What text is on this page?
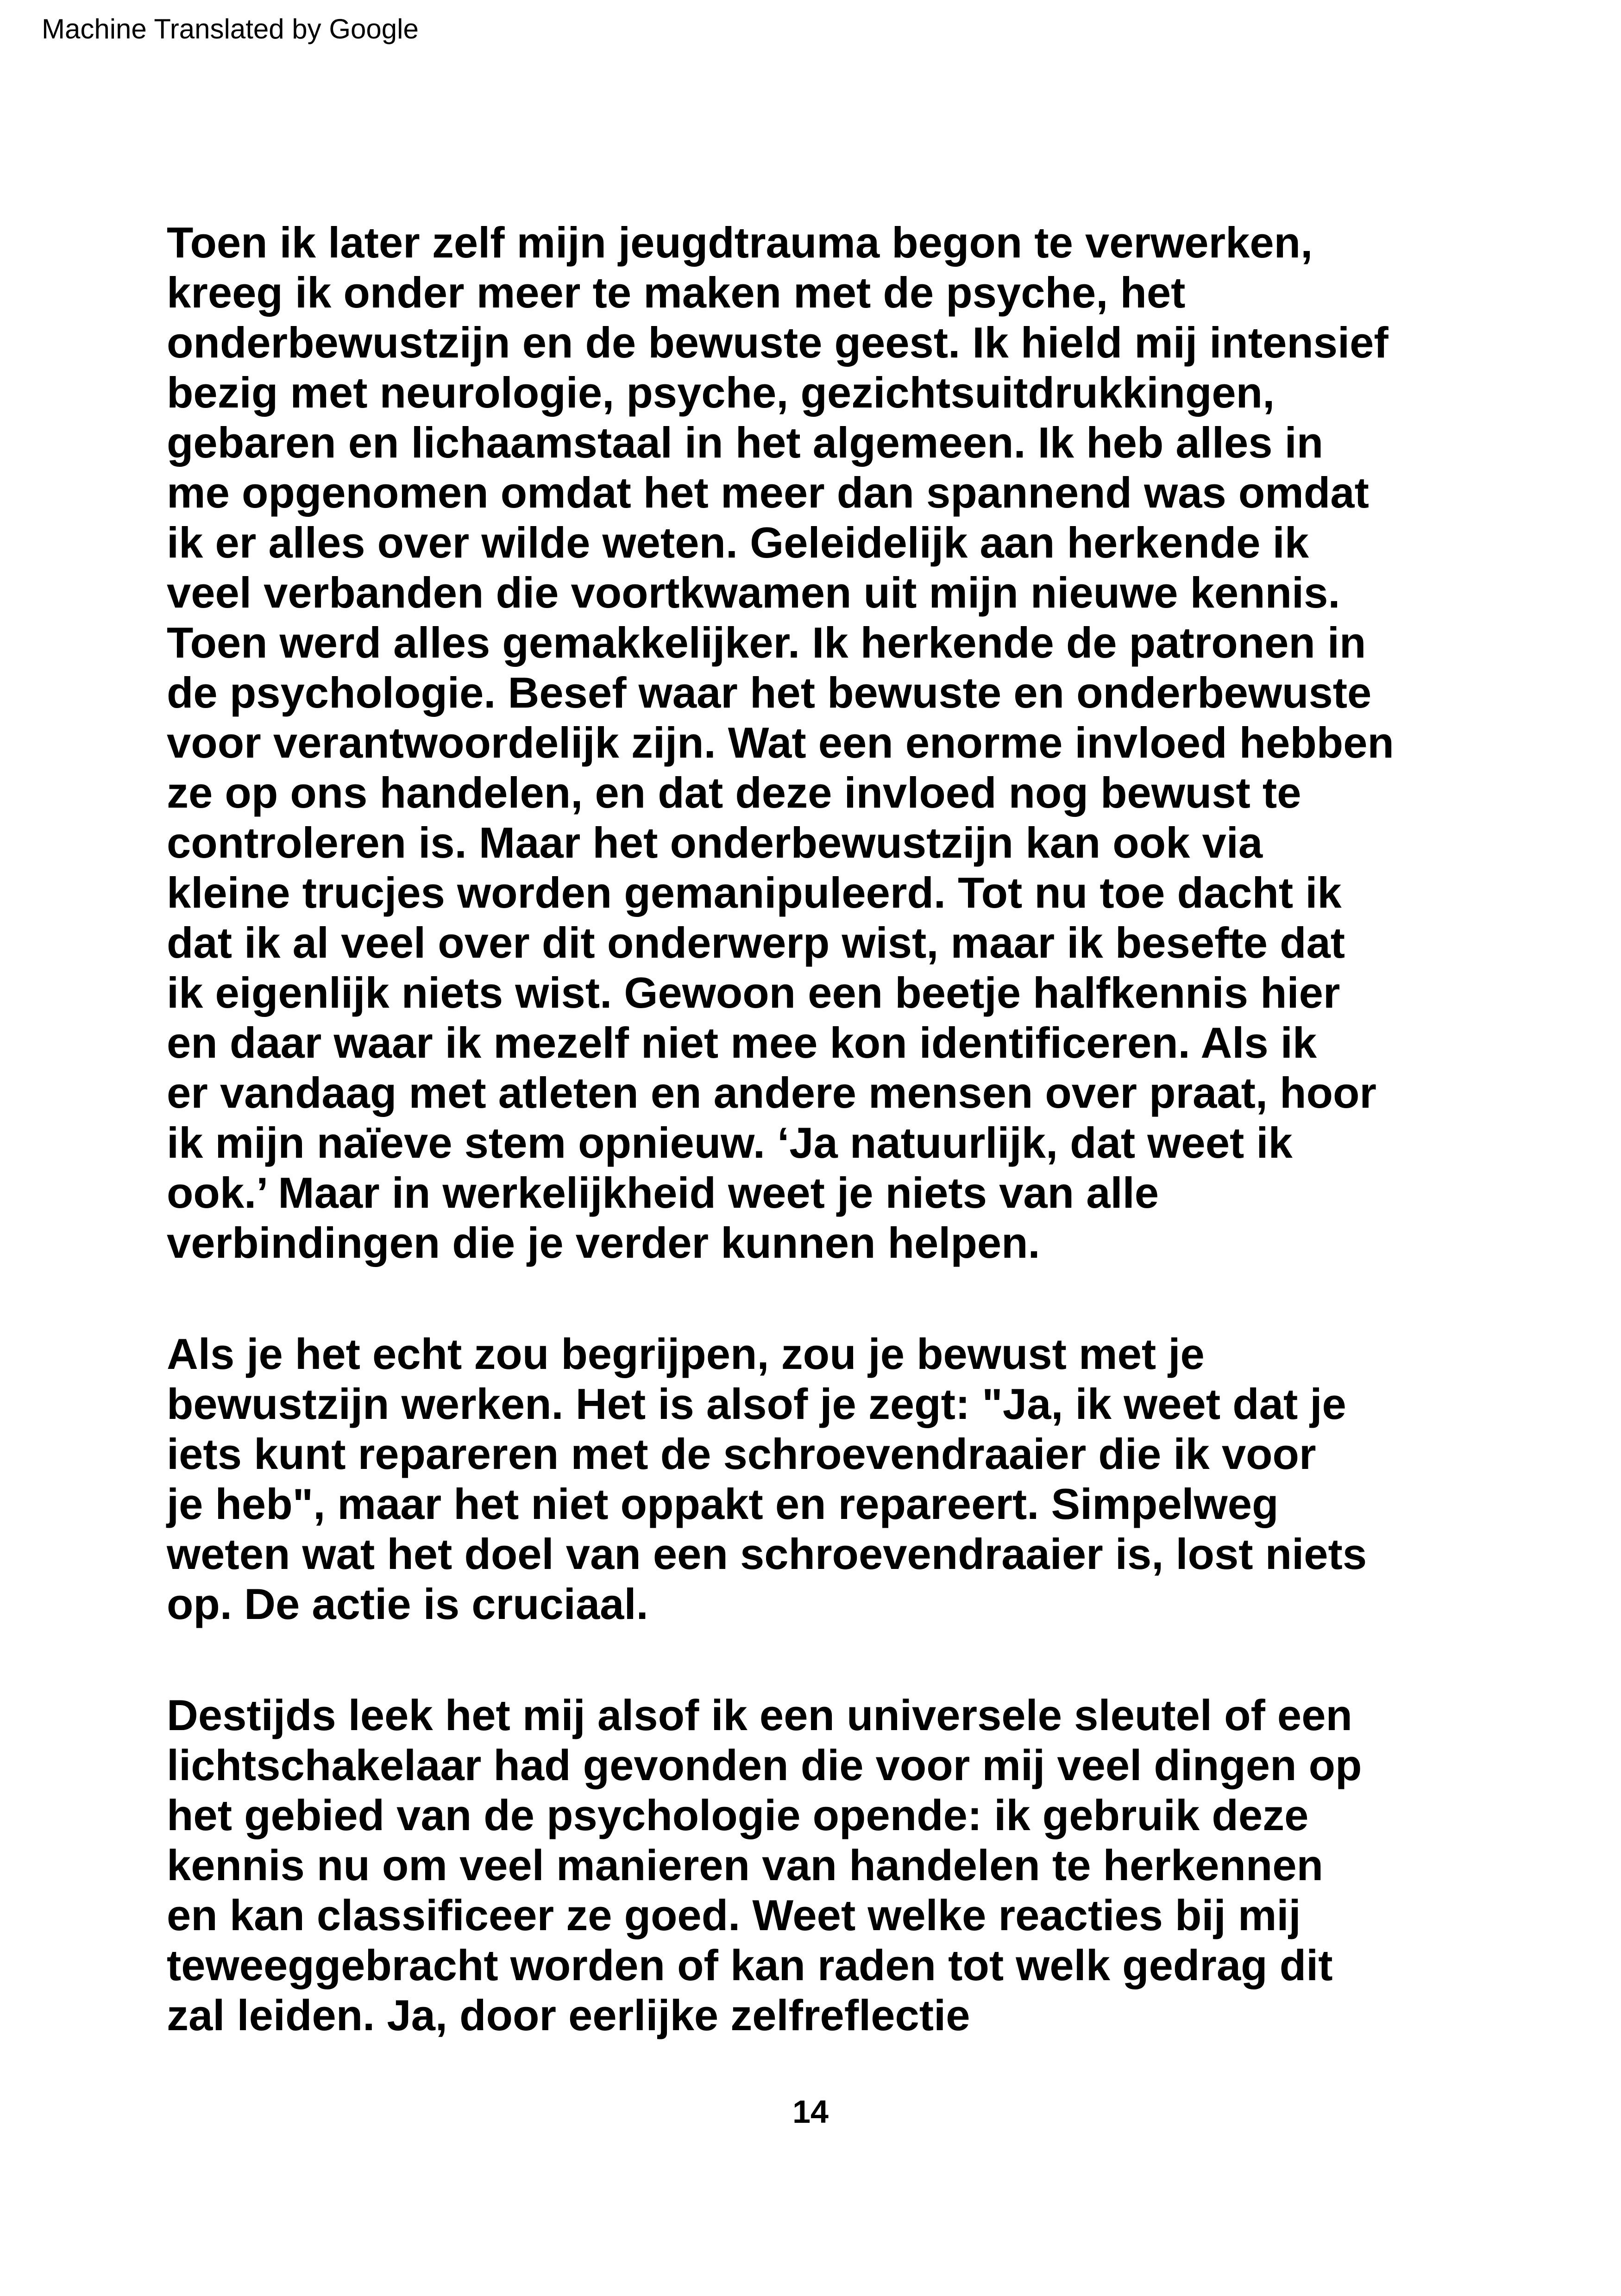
Machine Translated by Google
Toen ik later zelf mijn jeugdtrauma begon te verwerken,
kreeg ik onder meer te maken met de psyche, het
onderbewustzijn en de bewuste geest. Ik hield mij intensief
bezig met neurologie, psyche, gezichtsuitdrukkingen,
gebaren en lichaamstaal in het algemeen. Ik heb alles in
me opgenomen omdat het meer dan spannend was omdat
ik er alles over wilde weten. Geleidelijk aan herkende ik
veel verbanden die voortkwamen uit mijn nieuwe kennis.
Toen werd alles gemakkelijker. Ik herkende de patronen in
de psychologie. Besef waar het bewuste en onderbewuste
voor verantwoordelijk zijn. Wat een enorme invloed hebben
ze op ons handelen, en dat deze invloed nog bewust te
controleren is. Maar het onderbewustzijn kan ook via
kleine trucjes worden gemanipuleerd. Tot nu toe dacht ik
dat ik al veel over dit onderwerp wist, maar ik besefte dat
ik eigenlijk niets wist. Gewoon een beetje halfkennis hier
en daar waar ik mezelf niet mee kon identificeren. Als ik
er vandaag met atleten en andere mensen over praat, hoor
ik mijn naïeve stem opnieuw. ‘Ja natuurlijk, dat weet ik
ook.’ Maar in werkelijkheid weet je niets van alle
verbindingen die je verder kunnen helpen.
Als je het echt zou begrijpen, zou je bewust met je
bewustzijn werken. Het is alsof je zegt: "Ja, ik weet dat je
iets kunt repareren met de schroevendraaier die ik voor
je heb", maar het niet oppakt en repareert. Simpelweg
weten wat het doel van een schroevendraaier is, lost niets
op. De actie is cruciaal.
Destijds leek het mij alsof ik een universele sleutel of een
lichtschakelaar had gevonden die voor mij veel dingen op
het gebied van de psychologie opende: ik gebruik deze
kennis nu om veel manieren van handelen te herkennen
en kan classificeer ze goed. Weet welke reacties bij mij
teweeggebracht worden of kan raden tot welk gedrag dit
zal leiden. Ja, door eerlijke zelfreflectie
14
